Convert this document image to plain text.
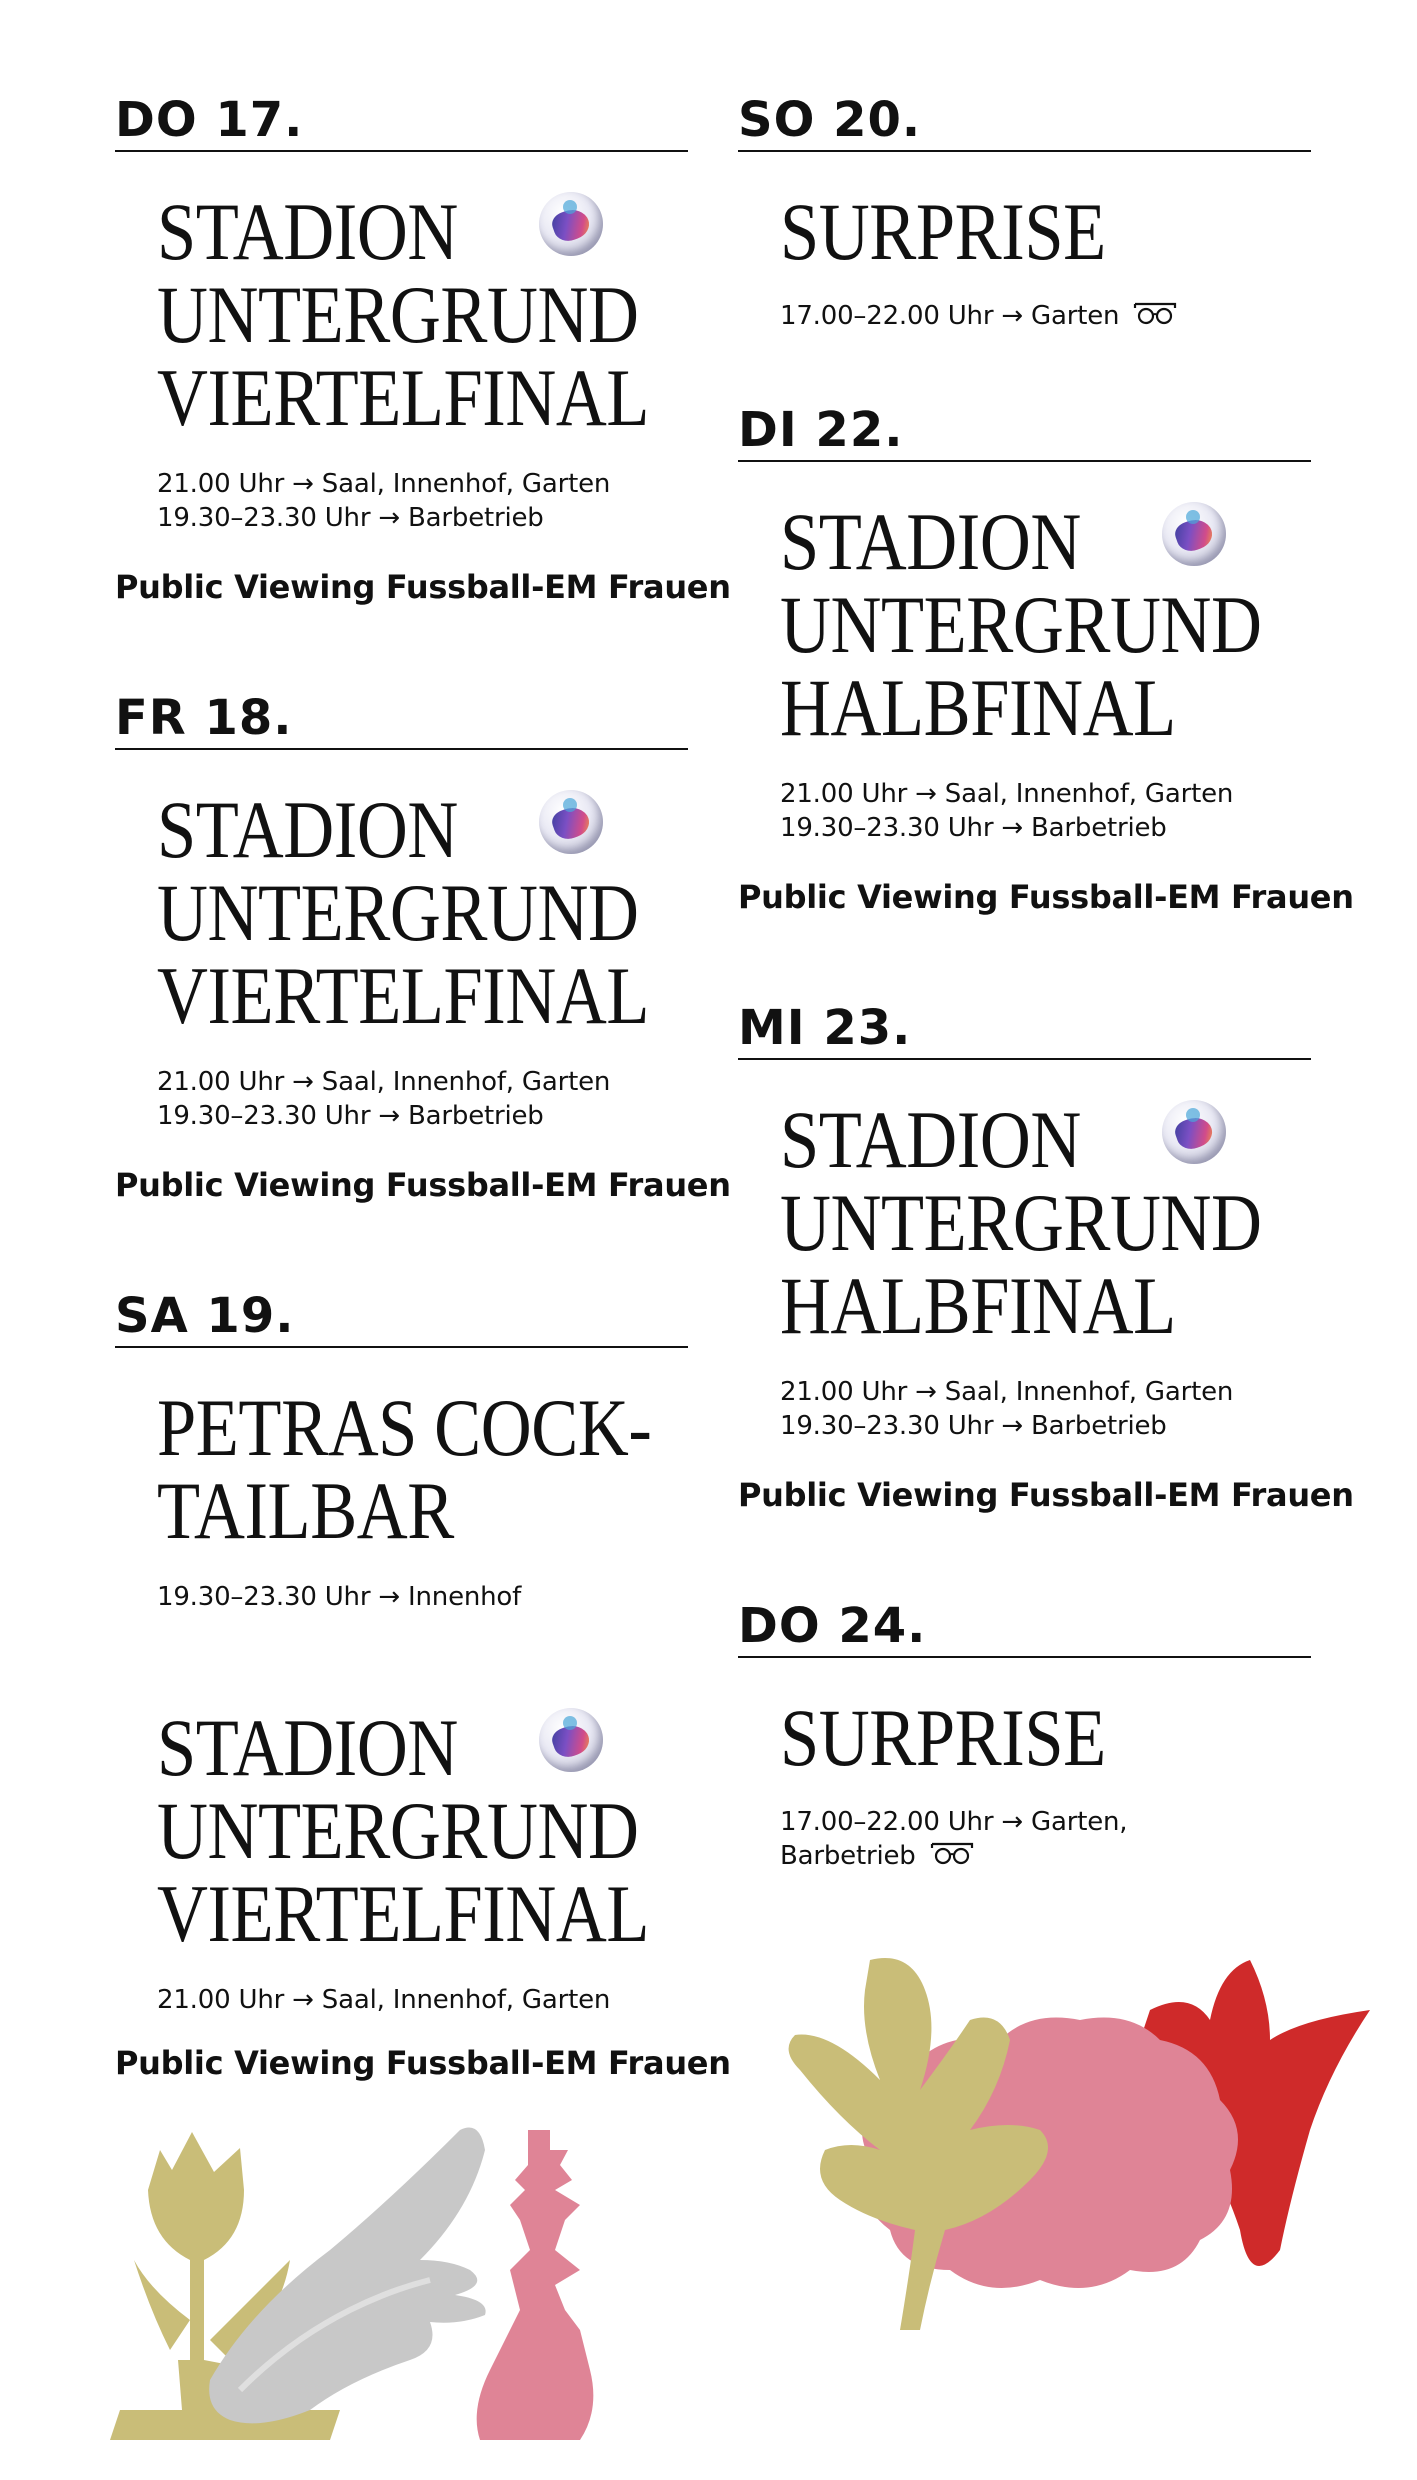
DO 17.
STADION
UNTERGRUND
VIERTELFINAL
21.00 Uhr → Saal, Innenhof, Garten
19.30–23.30 Uhr → Barbetrieb
Public Viewing Fussball-EM Frauen
FR 18.
STADION
UNTERGRUND
VIERTELFINAL
21.00 Uhr → Saal, Innenhof, Garten
19.30–23.30 Uhr → Barbetrieb
Public Viewing Fussball-EM Frauen
SA 19.
PETRAS COCK-
TAILBAR
19.30–23.30 Uhr → Innenhof
STADION
UNTERGRUND
VIERTELFINAL
21.00 Uhr → Saal, Innenhof, Garten
Public Viewing Fussball-EM Frauen
SO 20.
SURPRISE
17.00–22.00 Uhr → Garten
DI 22.
STADION
UNTERGRUND
HALBFINAL
21.00 Uhr → Saal, Innenhof, Garten
19.30–23.30 Uhr → Barbetrieb
Public Viewing Fussball-EM Frauen
MI 23.
STADION
UNTERGRUND
HALBFINAL
21.00 Uhr → Saal, Innenhof, Garten
19.30–23.30 Uhr → Barbetrieb
Public Viewing Fussball-EM Frauen
DO 24.
SURPRISE
17.00–22.00 Uhr → Garten,
Barbetrieb
